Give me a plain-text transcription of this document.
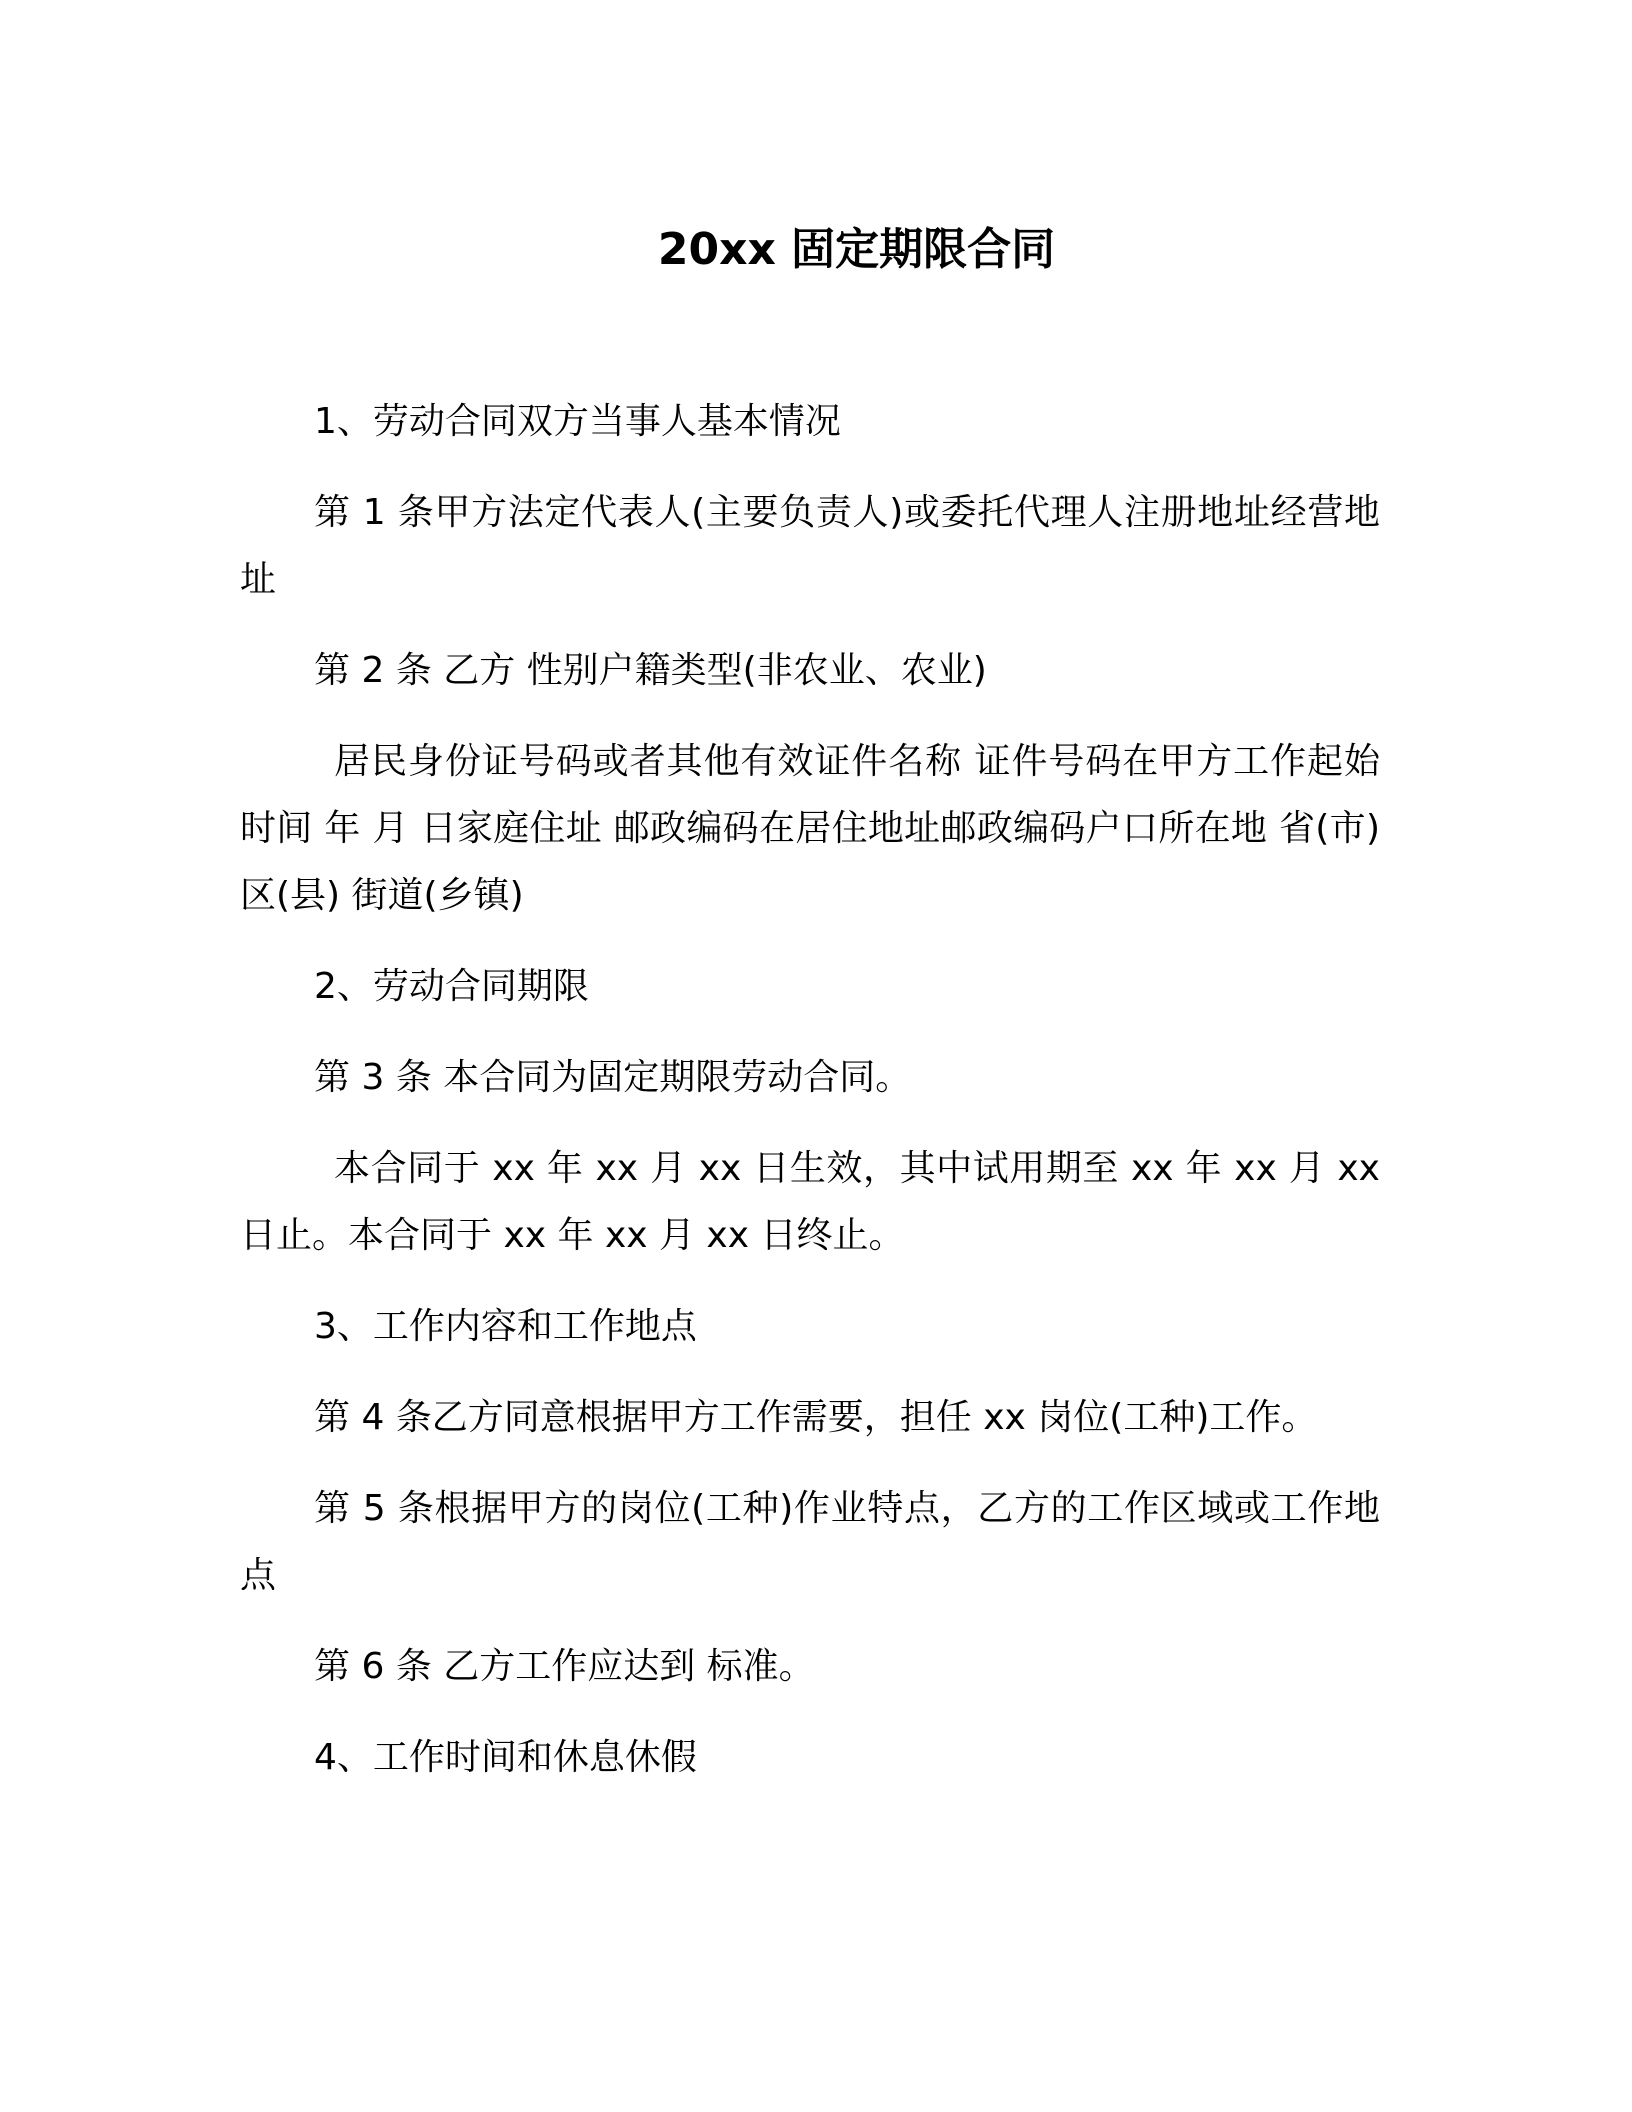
20xx 固定期限合同

1、劳动合同双方当事人基本情况

第 1 条甲方法定代表人(主要负责人)或委托代理人注册地址经营地址

第 2 条 乙方 性别户籍类型(非农业、农业)

居民身份证号码或者其他有效证件名称 证件号码在甲方工作起始时间 年 月 日家庭住址 邮政编码在居住地址邮政编码户口所在地 省(市)区(县) 街道(乡镇)

2、劳动合同期限

第 3 条 本合同为固定期限劳动合同。

本合同于 xx 年 xx 月 xx 日生效，其中试用期至 xx 年 xx 月 xx 日止。本合同于 xx 年 xx 月 xx 日终止。

3、工作内容和工作地点

第 4 条乙方同意根据甲方工作需要，担任 xx 岗位(工种)工作。

第 5 条根据甲方的岗位(工种)作业特点，乙方的工作区域或工作地点

第 6 条 乙方工作应达到 标准。

4、工作时间和休息休假
